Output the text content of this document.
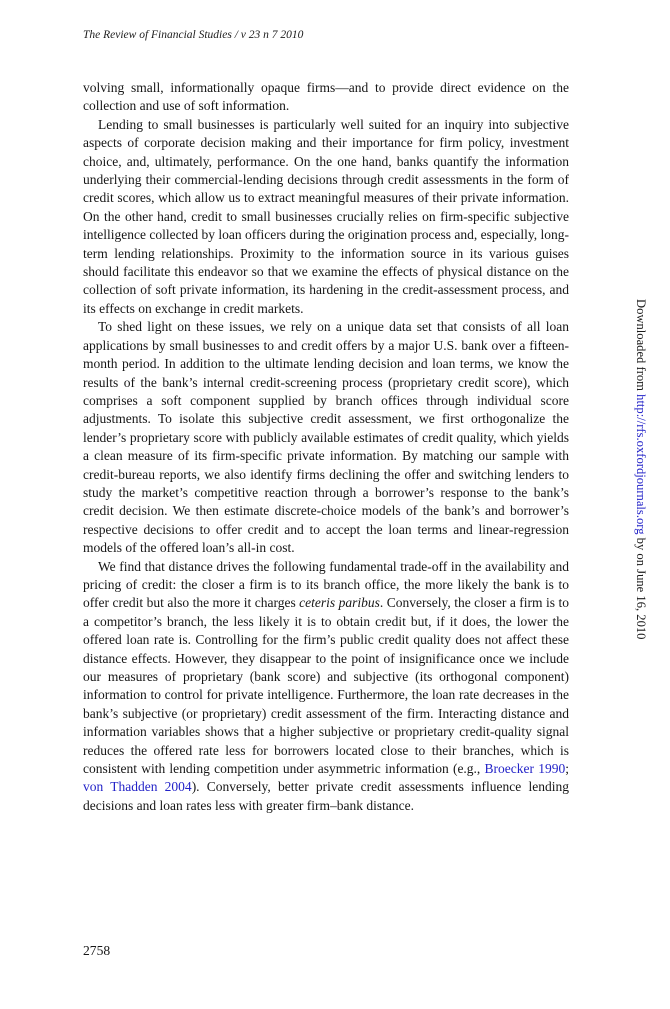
The Review of Financial Studies / v 23 n 7 2010

volving small, informationally opaque firms—and to provide direct evidence on the collection and use of soft information.

Lending to small businesses is particularly well suited for an inquiry into subjective aspects of corporate decision making and their importance for firm policy, investment choice, and, ultimately, performance. On the one hand, banks quantify the information underlying their commercial-lending decisions through credit assessments in the form of credit scores, which allow us to extract meaningful measures of their private information. On the other hand, credit to small businesses crucially relies on firm-specific subjective intelligence collected by loan officers during the origination process and, especially, long-term lending relationships. Proximity to the information source in its various guises should facilitate this endeavor so that we examine the effects of physical distance on the collection of soft private information, its hardening in the credit-assessment process, and its effects on exchange in credit markets.

To shed light on these issues, we rely on a unique data set that consists of all loan applications by small businesses to and credit offers by a major U.S. bank over a fifteen-month period. In addition to the ultimate lending decision and loan terms, we know the results of the bank’s internal credit-screening process (proprietary credit score), which comprises a soft component supplied by branch offices through individual score adjustments. To isolate this subjective credit assessment, we first orthogonalize the lender’s proprietary score with publicly available estimates of credit quality, which yields a clean measure of its firm-specific private information. By matching our sample with credit-bureau reports, we also identify firms declining the offer and switching lenders to study the market’s competitive reaction through a borrower’s response to the bank’s credit decision. We then estimate discrete-choice models of the bank’s and borrower’s respective decisions to offer credit and to accept the loan terms and linear-regression models of the offered loan’s all-in cost.

We find that distance drives the following fundamental trade-off in the availability and pricing of credit: the closer a firm is to its branch office, the more likely the bank is to offer credit but also the more it charges ceteris paribus. Conversely, the closer a firm is to a competitor’s branch, the less likely it is to obtain credit but, if it does, the lower the offered loan rate is. Controlling for the firm’s public credit quality does not affect these distance effects. However, they disappear to the point of insignificance once we include our measures of proprietary (bank score) and subjective (its orthogonal component) information to control for private intelligence. Furthermore, the loan rate decreases in the bank’s subjective (or proprietary) credit assessment of the firm. Interacting distance and information variables shows that a higher subjective or proprietary credit-quality signal reduces the offered rate less for borrowers located close to their branches, which is consistent with lending competition under asymmetric information (e.g., Broecker 1990; von Thadden 2004). Conversely, better private credit assessments influence lending decisions and loan rates less with greater firm–bank distance.

Downloaded from http://rfs.oxfordjournals.org by on June 16, 2010
2758
